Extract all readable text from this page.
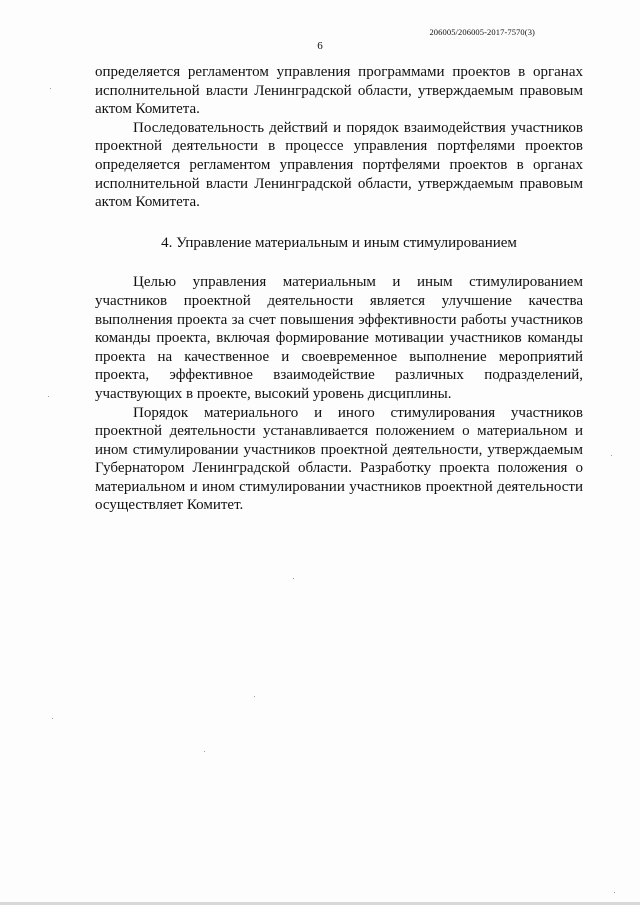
206005/206005-2017-7570(3)
6

определяется регламентом управления программами проектов в органах исполнительной власти Ленинградской области, утверждаемым правовым актом Комитета.

Последовательность действий и порядок взаимодействия участников проектной деятельности в процессе управления портфелями проектов определяется регламентом управления портфелями проектов в органах исполнительной власти Ленинградской области, утверждаемым правовым актом Комитета.

4. Управление материальным и иным стимулированием

Целью управления материальным и иным стимулированием участников проектной деятельности является улучшение качества выполнения проекта за счет повышения эффективности работы участников команды проекта, включая формирование мотивации участников команды проекта на качественное и своевременное выполнение мероприятий проекта, эффективное взаимодействие различных подразделений, участвующих в проекте, высокий уровень дисциплины.

Порядок материального и иного стимулирования участников проектной деятельности устанавливается положением о материальном и ином стимулировании участников проектной деятельности, утверждаемым Губернатором Ленинградской области. Разработку проекта положения о материальном и ином стимулировании участников проектной деятельности осуществляет Комитет.
